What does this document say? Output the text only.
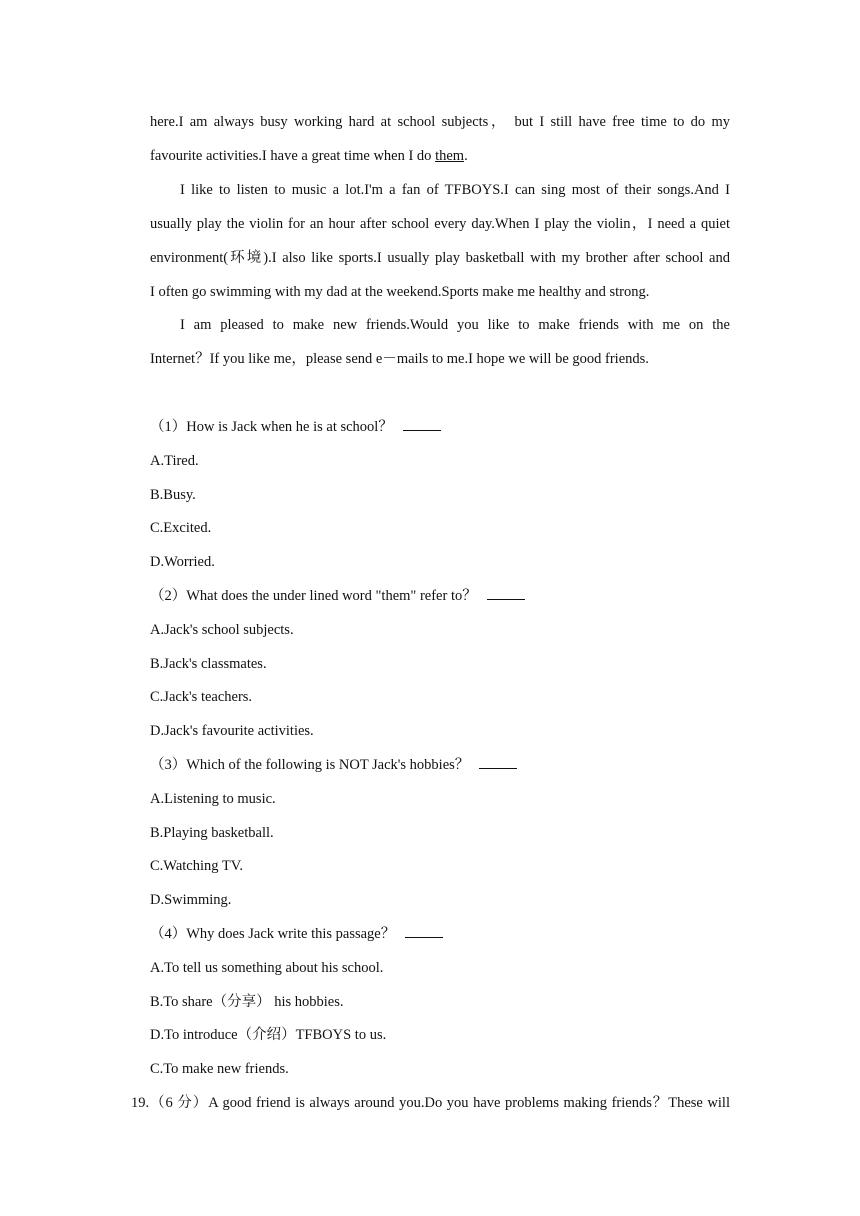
here.I am always busy working hard at school subjects， but I still have free time to do my
favourite activities.I have a great time when I do them.
I like to listen to music a lot.I'm a fan of TFBOYS.I can sing most of their songs.And I
usually play the violin for an hour after school every day.When I play the violin，I need a quiet
environment(环境).I also like sports.I usually play basketball with my brother after school and
I often go swimming with my dad at the weekend.Sports make me healthy and strong.
I am pleased to make new friends.Would you like to make friends with me on the
Internet？If you like me，please send e－mails to me.I hope we will be good friends.
（1）How is Jack when he is at school？
A.Tired.
B.Busy.
C.Excited.
D.Worried.
（2）What does the under lined word "them" refer to？
A.Jack's school subjects.
B.Jack's classmates.
C.Jack's teachers.
D.Jack's favourite activities.
（3）Which of the following is NOT Jack's hobbies？
A.Listening to music.
B.Playing basketball.
C.Watching TV.
D.Swimming.
（4）Why does Jack write this passage？
A.To tell us something about his school.
B.To share（分享） his hobbies.
D.To introduce（介绍）TFBOYS to us.
C.To make new friends.
19.（6 分）A good friend is always around you.Do you have problems making friends？These will
